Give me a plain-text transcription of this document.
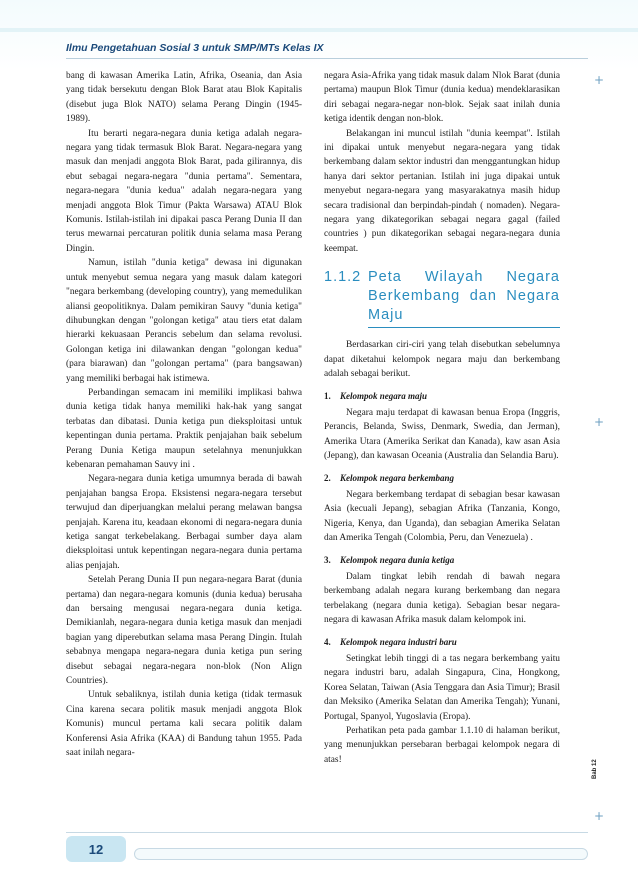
Ilmu Pengetahuan Sosial 3 untuk SMP/MTs Kelas IX

bang di kawasan Amerika Latin, Afrika, Oseania, dan Asia yang tidak bersekutu dengan Blok Barat atau Blok Kapitalis (disebut juga Blok NATO) selama Perang Dingin (1945-1989).

Itu berarti negara-negara dunia ketiga adalah negara-negara yang tidak termasuk Blok Barat. Negara-negara yang masuk dan menjadi anggota Blok Barat, pada gilirannya, dis ebut sebagai negara-negara "dunia pertama". Sementara, negara-negara "dunia kedua" adalah negara-negara yang menjadi anggota Blok Timur (Pakta Warsawa) ATAU Blok Komunis. Istilah-istilah ini dipakai pasca Perang Dunia II dan terus mewarnai percaturan politik dunia selama masa Perang Dingin.

Namun, istilah "dunia ketiga" dewasa ini digunakan untuk menyebut semua negara yang masuk dalam kategori "negara berkembang (developing country), yang memedulikan aliansi geopolitiknya. Dalam pemikiran Sauvy "dunia ketiga" dihubungkan dengan "golongan ketiga" atau tiers etat dalam hierarki kekuasaan Perancis sebelum dan selama revolusi. Golongan ketiga ini dilawankan dengan "golongan kedua" (para biarawan) dan "golongan pertama" (para bangsawan) yang memiliki berbagai hak istimewa.

Perbandingan semacam ini memiliki implikasi bahwa dunia ketiga tidak hanya memiliki hak-hak yang sangat terbatas dan dibatasi. Dunia ketiga pun dieksploitasi untuk kepentingan dunia pertama. Praktik penjajahan baik sebelum Perang Dunia Ketiga maupun setelahnya menunjukkan kebenaran pemahaman Sauvy ini .

Negara-negara dunia ketiga umumnya berada di bawah penjajahan bangsa Eropa. Eksistensi negara-negara tersebut terwujud dan diperjuangkan melalui perang melawan bangsa penjajah. Karena itu, keadaan ekonomi di negara-negara dunia ketiga sangat terkebelakang. Berbagai sumber daya alam dieksploitasi untuk kepentingan negara-negara dunia pertama alias penjajah.

Setelah Perang Dunia II pun negara-negara Barat (dunia pertama) dan negara-negara komunis (dunia kedua) berusaha dan bersaing mengusai negara-negara dunia ketiga. Demikianlah, negara-negara dunia ketiga masuk dan menjadi bagian yang diperebutkan selama masa Perang Dingin. Itulah sebabnya mengapa negara-negara dunia ketiga pun sering disebut sebagai negara-negara non-blok (Non Align Countries).

Untuk sebaliknya, istilah dunia ketiga (tidak termasuk Cina karena secara politik masuk menjadi anggota Blok Komunis) muncul pertama kali secara politik dalam Konferensi Asia Afrika (KAA) di Bandung tahun 1955. Pada saat inilah negara-

negara Asia-Afrika yang tidak masuk dalam Nlok Barat (dunia pertama) maupun Blok Timur (dunia kedua) mendeklarasikan diri sebagai negara-negar non-blok. Sejak saat inilah dunia ketiga identik dengan non-blok.

Belakangan ini muncul istilah "dunia keempat". Istilah ini dipakai untuk menyebut negara-negara yang tidak berkembang dalam sektor industri dan menggantungkan hidup hanya dari sektor pertanian. Istilah ini juga dipakai untuk menyebut negara-negara yang masyarakatnya masih hidup secara tradisional dan berpindah-pindah ( nomaden). Negara-negara yang dikategorikan sebagai negara gagal (failed countries ) pun dikategorikan sebagai negara-negara dunia keempat.

1.1.2 Peta Wilayah Negara Berkembang dan Negara Maju

Berdasarkan ciri-ciri yang telah disebutkan sebelumnya dapat diketahui kelompok negara maju dan berkembang adalah sebagai berikut.

1. Kelompok negara maju

Negara maju terdapat di kawasan benua Eropa (Inggris, Perancis, Belanda, Swiss, Denmark, Swedia, dan Jerman), Amerika Utara (Amerika Serikat dan Kanada), kaw asan Asia (Jepang), dan kawasan Oceania (Australia dan Selandia Baru).

2. Kelompok negara berkembang

Negara berkembang terdapat di sebagian besar kawasan Asia (kecuali Jepang), sebagian Afrika (Tanzania, Kongo, Nigeria, Kenya, dan Uganda), dan sebagian Amerika Selatan dan Amerika Tengah (Colombia, Peru, dan Venezuela) .

3. Kelompok negara dunia ketiga

Dalam tingkat lebih rendah di bawah negara berkembang adalah negara kurang berkembang dan negara terbelakang (negara dunia ketiga). Sebagian besar negara-negara di kawasan Afrika masuk dalam kelompok ini.

4. Kelompok negara industri baru

Setingkat lebih tinggi di a tas negara berkembang yaitu negara industri baru, adalah Singapura, Cina, Hongkong, Korea Selatan, Taiwan (Asia Tenggara dan Asia Timur); Brasil dan Meksiko (Amerika Selatan dan Amerika Tengah); Yunani, Portugal, Spanyol, Yugoslavia (Eropa).

Perhatikan peta pada gambar 1.1.10 di halaman berikut, yang menunjukkan persebaran berbagai kelompok negara di atas!

+
+
+
Bab 12
12
